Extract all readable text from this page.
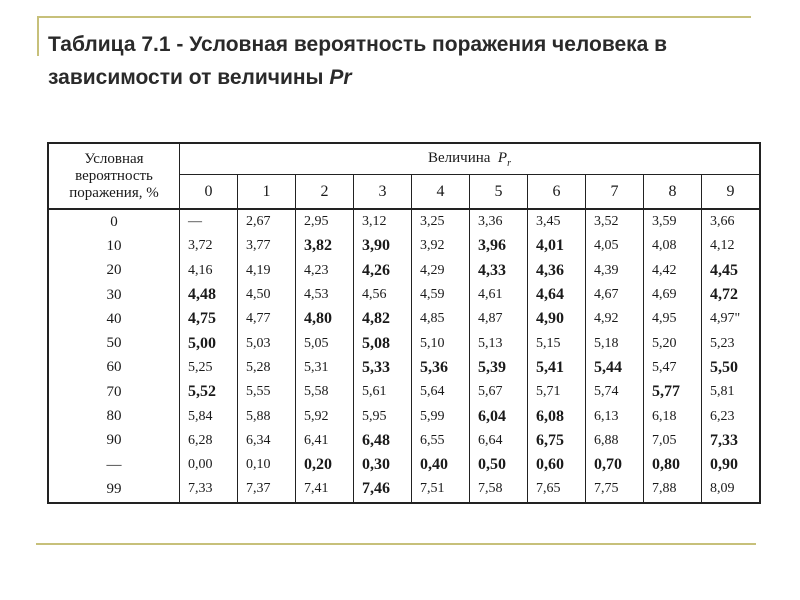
Таблица 7.1 - Условная вероятность поражения человека в
зависимости от величины Pr
Условная
вероятность
поражения, %	Величина $P_r$
	0	1	2	3	4	5	6	7	8	9
0	—	2,67	2,95	3,12	3,25	3,36	3,45	3,52	3,59	3,66
10	3,72	3,77	3,82	3,90	3,92	3,96	4,01	4,05	4,08	4,12
20	4,16	4,19	4,23	4,26	4,29	4,33	4,36	4,39	4,42	4,45
30	4,48	4,50	4,53	4,56	4,59	4,61	4,64	4,67	4,69	4,72
40	4,75	4,77	4,80	4,82	4,85	4,87	4,90	4,92	4,95	4,97"
50	5,00	5,03	5,05	5,08	5,10	5,13	5,15	5,18	5,20	5,23
60	5,25	5,28	5,31	5,33	5,36	5,39	5,41	5,44	5,47	5,50
70	5,52	5,55	5,58	5,61	5,64	5,67	5,71	5,74	5,77	5,81
80	5,84	5,88	5,92	5,95	5,99	6,04	6,08	6,13	6,18	6,23
90	6,28	6,34	6,41	6,48	6,55	6,64	6,75	6,88	7,05	7,33
—	0,00	0,10	0,20	0,30	0,40	0,50	0,60	0,70	0,80	0,90
99	7,33	7,37	7,41	7,46	7,51	7,58	7,65	7,75	7,88	8,09
